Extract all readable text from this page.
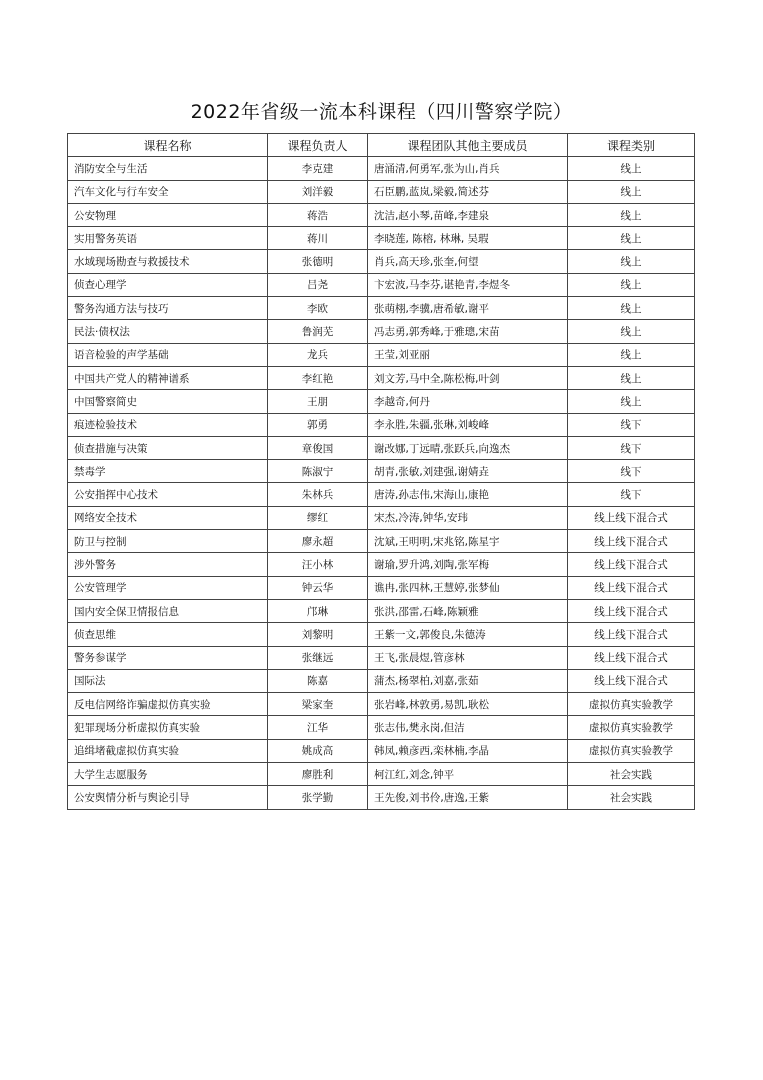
2022年省级一流本科课程（四川警察学院）
课程名称	课程负责人	课程团队其他主要成员	课程类别
消防安全与生活	李克建	唐涌清,何勇军,张为山,肖兵	线上
汽车文化与行车安全	刘洋毅	石臣鹏,蓝岚,梁毅,简述芬	线上
公安物理	蒋浩	沈洁,赵小琴,苗峰,李建泉	线上
实用警务英语	蒋川	李晓莲, 陈榕, 林琳, 吴瑕	线上
水域现场勘查与救援技术	张德明	肖兵,高天珍,张奎,何望	线上
侦查心理学	吕尧	卞宏波,马李芬,谌艳青,李煜冬	线上
警务沟通方法与技巧	李欧	张萌栩,李骥,唐希敏,谢平	线上
民法·债权法	鲁润芜	冯志勇,郭秀峰,于雅璁,宋苗	线上
语音检验的声学基础	龙兵	王莹,刘亚丽	线上
中国共产党人的精神谱系	李红艳	刘文芳,马中全,陈松梅,叶剑	线上
中国警察简史	王朋	李越奇,何丹	线上
痕迹检验技术	郭勇	李永胜,朱疆,张琳,刘峻峰	线下
侦查措施与决策	章俊国	谢改娜,丁远晴,张跃兵,向逸杰	线下
禁毒学	陈淑宁	胡青,张敏,刘建强,谢婧垚	线下
公安指挥中心技术	朱林兵	唐涛,孙志伟,宋海山,康艳	线下
网络安全技术	缪红	宋杰,冷涛,钟华,安玮	线上线下混合式
防卫与控制	廖永超	沈斌,王明明,宋兆铭,陈星宇	线上线下混合式
涉外警务	汪小林	谢瑜,罗升鸿,刘陶,张军梅	线上线下混合式
公安管理学	钟云华	谯冉,张四林,王慧婷,张梦仙	线上线下混合式
国内安全保卫情报信息	邝琳	张洪,邵雷,石峰,陈颖雅	线上线下混合式
侦查思维	刘黎明	王紫一文,郭俊良,朱德涛	线上线下混合式
警务参谋学	张继远	王飞,张晨煜,管彦林	线上线下混合式
国际法	陈嘉	蒲杰,杨翠柏,刘嘉,张茹	线上线下混合式
反电信网络诈骗虚拟仿真实验	梁家奎	张岩峰,林敦勇,易凯,耿松	虚拟仿真实验教学
犯罪现场分析虚拟仿真实验	江华	张志伟,樊永岗,但洁	虚拟仿真实验教学
追缉堵截虚拟仿真实验	姚成高	韩凤,赖彦西,栾林楠,李晶	虚拟仿真实验教学
大学生志愿服务	廖胜利	柯江红,刘念,钟平	社会实践
公安舆情分析与舆论引导	张学勤	王先俊,刘书伶,唐逸,王紫	社会实践
